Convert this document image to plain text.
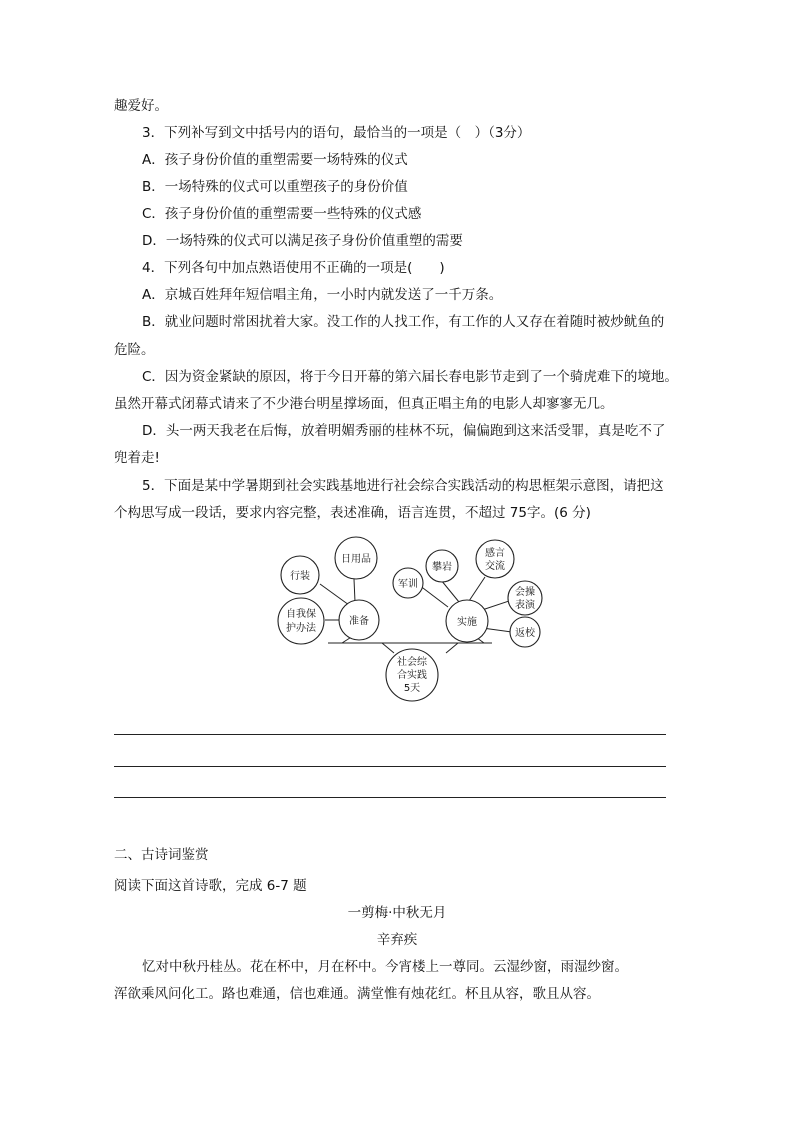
趣爱好。
3．下列补写到文中括号内的语句，最恰当的一项是（　）（3分）
A．孩子身份价值的重塑需要一场特殊的仪式
B．一场特殊的仪式可以重塑孩子的身份价值
C．孩子身份价值的重塑需要一些特殊的仪式感
D．一场特殊的仪式可以满足孩子身份价值重塑的需要
4．下列各句中加点熟语使用不正确的一项是(　　)
A．京城百姓拜年短信唱主角，一小时内就发送了一千万条。
B．就业问题时常困扰着大家。没工作的人找工作，有工作的人又存在着随时被炒鱿鱼的
危险。
C．因为资金紧缺的原因，将于今日开幕的第六届长春电影节走到了一个骑虎难下的境地。
虽然开幕式闭幕式请来了不少港台明星撑场面，但真正唱主角的电影人却寥寥无几。
D．头一两天我老在后悔，放着明媚秀丽的桂林不玩，偏偏跑到这来活受罪，真是吃不了
兜着走!
5．下面是某中学暑期到社会实践基地进行社会综合实践活动的构思框架示意图，请把这
个构思写成一段话，要求内容完整，表述准确，语言连贯，不超过 75字。(6 分)
社会综
合实践
5天
准备
日用品
行装
自我保
护办法
实施
军训
攀岩
感言
交流
会操
表演
返校
二、古诗词鉴赏
阅读下面这首诗歌，完成 6-7 题
一剪梅·中秋无月
辛弃疾
忆对中秋丹桂丛。花在杯中，月在杯中。今宵楼上一尊同。云湿纱窗，雨湿纱窗。
浑欲乘风问化工。路也难通，信也难通。满堂惟有烛花红。杯且从容，歌且从容。
